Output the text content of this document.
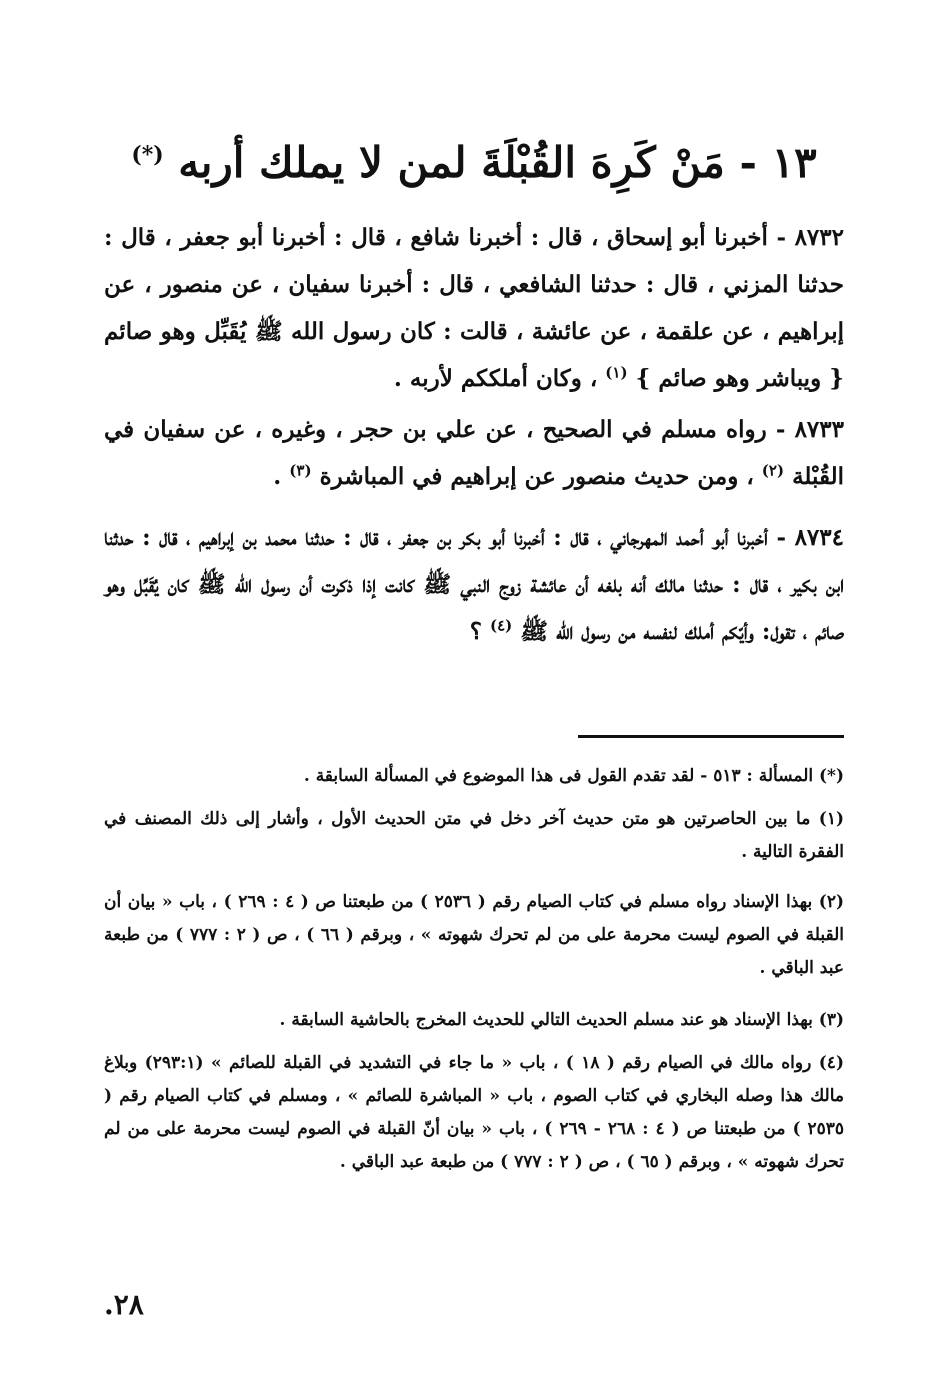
١٣ - مَنْ كَرِهَ القُبْلَةَ لمن لا يملك أربه (*)
٨٧٣٢ - أخبرنا أبو إسحاق ، قال : أخبرنا شافع ، قال : أخبرنا أبو جعفر ، قال : حدثنا المزني ، قال : حدثنا الشافعي ، قال : أخبرنا سفيان ، عن منصور ، عن إبراهيم ، عن علقمة ، عن عائشة ، قالت : كان رسول الله ﷺ يُقَبِّل وهو صائم { ويباشر وهو صائم } $^{(١)}$ ، وكان أملككم لأربه .
٨٧٣٣ - رواه مسلم في الصحيح ، عن علي بن حجر ، وغيره ، عن سفيان في القُبْلة $^{(٢)}$ ، ومن حديث منصور عن إبراهيم في المباشرة $^{(٣)}$ .
٨٧٣٤ - أخبرنا أبو أحمد المهرجاني ، قال : أخبرنا أبو بكر بن جعفر ، قال : حدثنا محمد بن إبراهيم ، قال : حدثنا ابن بكير ، قال : حدثنا مالك أنه بلغه أن عائشة زوج النبي ﷺ كانت إذا ذكرت أن رسول الله ﷺ كان يُقَبِّل وهو صائم ، تقول: وأيّكم أملك لنفسه من رسول الله ﷺ $^{(٤)}$ ؟
(*) المسألة : ٥١٣ - لقد تقدم القول فى هذا الموضوع في المسألة السابقة .
(١) ما بين الحاصرتين هو متن حديث آخر دخل في متن الحديث الأول ، وأشار إلى ذلك المصنف في الفقرة التالية .
(٢) بهذا الإسناد رواه مسلم في كتاب الصيام رقم ( ٢٥٣٦ ) من طبعتنا ص ( ٤ : ٢٦٩ ) ، باب « بيان أن القبلة في الصوم ليست محرمة على من لم تحرك شهوته » ، وبرقم ( ٦٦ ) ، ص ( ٢ : ٧٧٧ ) من طبعة عبد الباقي .
(٣) بهذا الإسناد هو عند مسلم الحديث التالي للحديث المخرج بالحاشية السابقة .
(٤) رواه مالك في الصيام رقم ( ١٨ ) ، باب « ما جاء في التشديد في القبلة للصائم » (٢٩٣:١) وبلاغ مالك هذا وصله البخاري في كتاب الصوم ، باب « المباشرة للصائم » ، ومسلم في كتاب الصيام رقم ( ٢٥٣٥ ) من طبعتنا ص ( ٤ : ٢٦٨ - ٢٦٩ ) ، باب « بيان أنّ القبلة في الصوم ليست محرمة على من لم تحرك شهوته » ، وبرقم ( ٦٥ ) ، ص ( ٢ : ٧٧٧ ) من طبعة عبد الباقي .
٢٨.
